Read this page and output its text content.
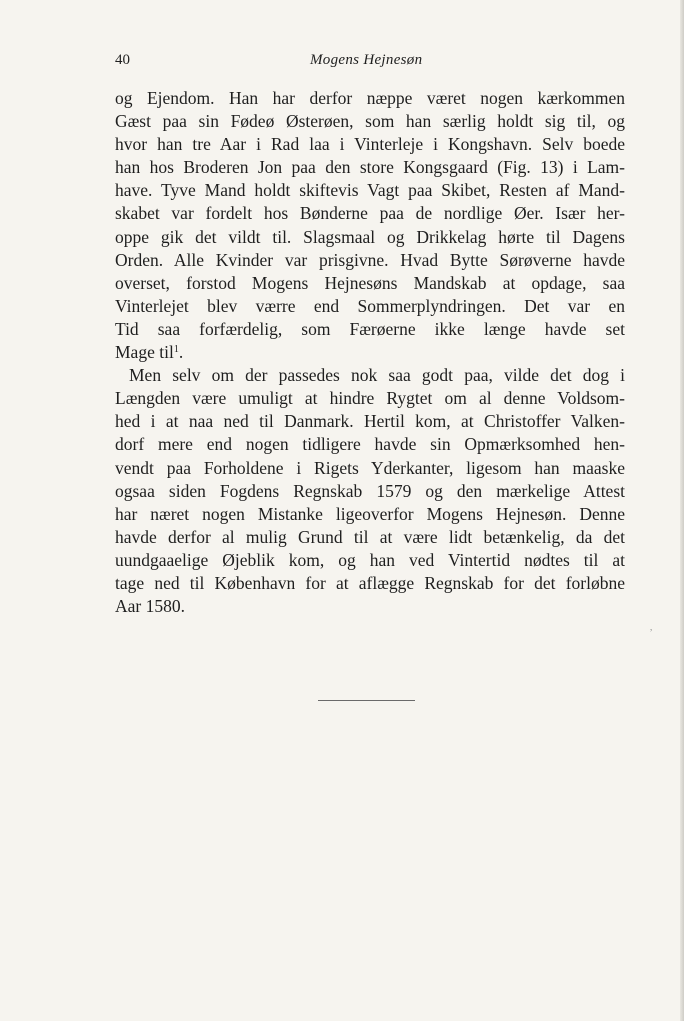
40	Mogens Hejnesøn
og Ejendom. Han har derfor næppe været nogen kærkommen
Gæst paa sin Fødeø Østerøen, som han særlig holdt sig til, og
hvor han tre Aar i Rad laa i Vinterleje i Kongshavn. Selv boede
han hos Broderen Jon paa den store Kongsgaard (Fig. 13) i Lam-
have. Tyve Mand holdt skiftevis Vagt paa Skibet, Resten af Mand-
skabet var fordelt hos Bønderne paa de nordlige Øer. Især her-
oppe gik det vildt til. Slagsmaal og Drikkelag hørte til Dagens
Orden. Alle Kvinder var prisgivne. Hvad Bytte Sørøverne havde
overset, forstod Mogens Hejnesøns Mandskab at opdage, saa
Vinterlejet blev værre end Sommerplyndringen. Det var en
Tid saa forfærdelig, som Færøerne ikke længe havde set
Mage til$^1$.
Men selv om der passedes nok saa godt paa, vilde det dog i
Længden være umuligt at hindre Rygtet om al denne Voldsom-
hed i at naa ned til Danmark. Hertil kom, at Christoffer Valken-
dorf mere end nogen tidligere havde sin Opmærksomhed hen-
vendt paa Forholdene i Rigets Yderkanter, ligesom han maaske
ogsaa siden Fogdens Regnskab 1579 og den mærkelige Attest
har næret nogen Mistanke ligeoverfor Mogens Hejnesøn. Denne
havde derfor al mulig Grund til at være lidt betænkelig, da det
uundgaaelige Øjeblik kom, og han ved Vintertid nødtes til at
tage ned til København for at aflægge Regnskab for det forløbne
Aar 1580.
,
